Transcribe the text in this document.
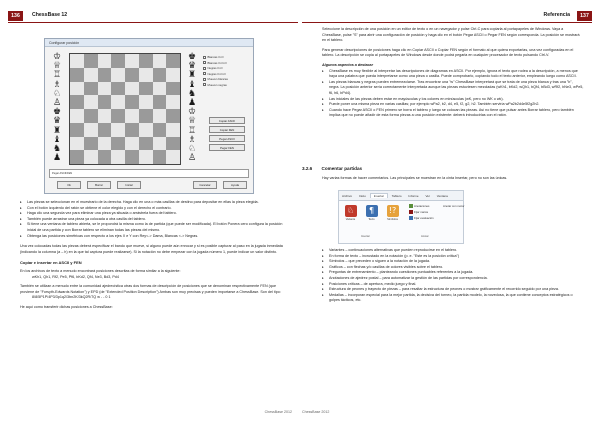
136	ChessBase 12
Configurar posición
♔
♕
♖
♗
♘
♙
♚
♛
♜
♝
♞
♟
♚
♛
♜
♝
♞
♟
♔
♕
♖
♗
♘
♙
Blancas O-O
Blancas O-O-O
Negras O-O
Negras O-O-O
Mueven blancas
Mueven negras
Copiar ASCII
Copiar FEN
Pegar ASCII
Pegar FEN
Pegar ASCII/FEN
Ok	Borrar	Inicial	Cancelar	Ayuda
▸ Las piezas se seleccionan en el muestrario de la derecha. Haga clic en una o más casillas de destino para depositar en ellas la pieza elegida.
▸ Con el botón izquierdo del ratón se obtiene el color elegido y con el derecho el contrario.
▸ Haga clic una segunda vez para eliminar una pieza ya situada o arrástrela fuera del tablero.
▸ También puede arrastrar una pieza ya colocada a otra casilla del tablero.
▸ Si tiene una ventana de tablero abierta, se le propondrá la misma como la de partida (que puede ser modificada). El botón Ponera cero configura la posición inicial de una partida y con Borrar tablero se eliminan todas las piezas del mismo.
▸ Obtenga las posiciones simétricas con respecto a los ejes X e Y con Rey<-> Dama, Blancas <-> Negras.
Una vez colocadas todas las piezas deberá especificar el bando que mueve, si alguno puede aún enrocar y si es posible capturar al paso en la jugada inmediata (indicando la columna (a – h) en la que tal captura puede realizarse). Si la notación no debe empezar con la jugada número 1, puede indicar un valor distinto.
Copiar e insertar en ASCII y FEN
En los archivos de texto a menudo encontrará posiciones descritas de forma similar a la siguiente:
wKh1, Qh1, Rf2, Pe5, Pf6, bKd2, Qf4, Ne3, Bd3, Pd4
También se utilizan a menudo entre la comunidad ajedrecística otras dos formas de descripción de posiciones que se denominan respectivamente FEN (que proviene de "Forsyth-Edwards Notation") y EPD (de "Extended Position Description") Ambas son muy precisas y pueden importarse a ChessBase. Son del tipo:
8/8/5P1P/4P3/3p1q2/3bn2K/3kQ2R/7Q w - - 0 1
He aquí como transferir dichas posiciones a ChessBase:
ChessBase 2012
Referencia	137
Seleccione la descripción de una posición en un editor de texto o en un navegador y pulse Ctrl-C para copiarla al portapapeles de Windows. Vaya a ChessBase, pulse "S" para abrir una configuración de posición y haga clic en el botón Pegar ASCII o Pegar FEN según corresponda. La posición se mostrará en el tablero.
Para generar descripciones de posiciones haga clic en Copiar ASCII o Copiar FEN según el formato al que quiera exportarlas, una vez configuradas en el tablero. La descripción se copia al portapapeles de Windows desde donde podrá pegarla en cualquier procesador de texto pulsando Ctrl-V.
Algunos aspectos a destacar
▸ ChessBase es muy flexible al interpretar las descripciones de diagramas en ASCII. Por ejemplo, ignora el texto que rodea a la descripción, a menos que haya una palabra que pueda interpretarse como una pieza o casilla. Puede comprobarlo, copiando todo el texto anterior, empleando luego como ASCII.
▸ Las piezas blancas y negras pueden entremezclarse. Tras encontrar una "w" ChessBase interpretará que se trata de una pieza blanca y tras una "b", negra. La posición anterior sería correctamente interpretada aunque las piezas estuviesen mezcladas (wKh1, bKd2, wQh1, bQf4, bBd3, wRf2, bNe3, wPe5, f6, h6, bPd4).
▸ Las iniciales de las piezas deben estar en mayúsculas y los colores en minúsculas (wK, pero no WK o wk).
▸ Puede poner una misma pieza en varias casillas; por ejemplo wPa2, b2, d4, e5, f2, g2, h2. También serviría wPa2b2d4e5f2g2h2.
▸ Cuando hace Pegar ASCII o FEN primero se borra el tablero y luego se colocan las piezas. Así no tiene que pulsar antes Borrar tablero, pero también implica que no puede añadir de esta forma piezas a una posición existente: deberá introducirlas con el ratón.
3.2.6 Comentar partidas
Hay varias formas de hacer comentarios. Las principales se muestran en la cinta Insertar, pero no son las únicas.
Archivo Inicio	Insertar	Tablero Informe Ver Ventana
♘
Variante
¶
Texto
!?
Símbolos
Anotaciones
Fijar marca
Fijar evaluación
Anotar con motor
Insertar	Anotar
▸ Variantes – continuaciones alternativas que pueden reproducirse en el tablero.
▸ En forma de texto – incrustado en la notación (p. e. "Este es la posición crítica")
▸ Símbolos – que preceden o siguen a la notación de la jugada.
▸ Gráficos – con flechas y/o casillas de colores visibles sobre el tablero.
▸ Preguntas de entrenamiento – planteando cuestiones puntuables referentes a la jugada.
▸ Anotaciones de ajedrez postal – para automatizar la gestión de las partidas por correspondencia.
▸ Posiciones críticas – de apertura, medio juego y final.
▸ Estructura de peones y trayecto de piezas – para resaltar la estructura de peones o mostrar gráficamente el recorrido seguido por una pieza.
▸ Medallas – incorporan especial para la mejor partida, la decisiva del torneo, la partida modelo, la novedosa, la que contiene conceptos estratégicos o golpes tácticos, etc.
ChessBase 2012
